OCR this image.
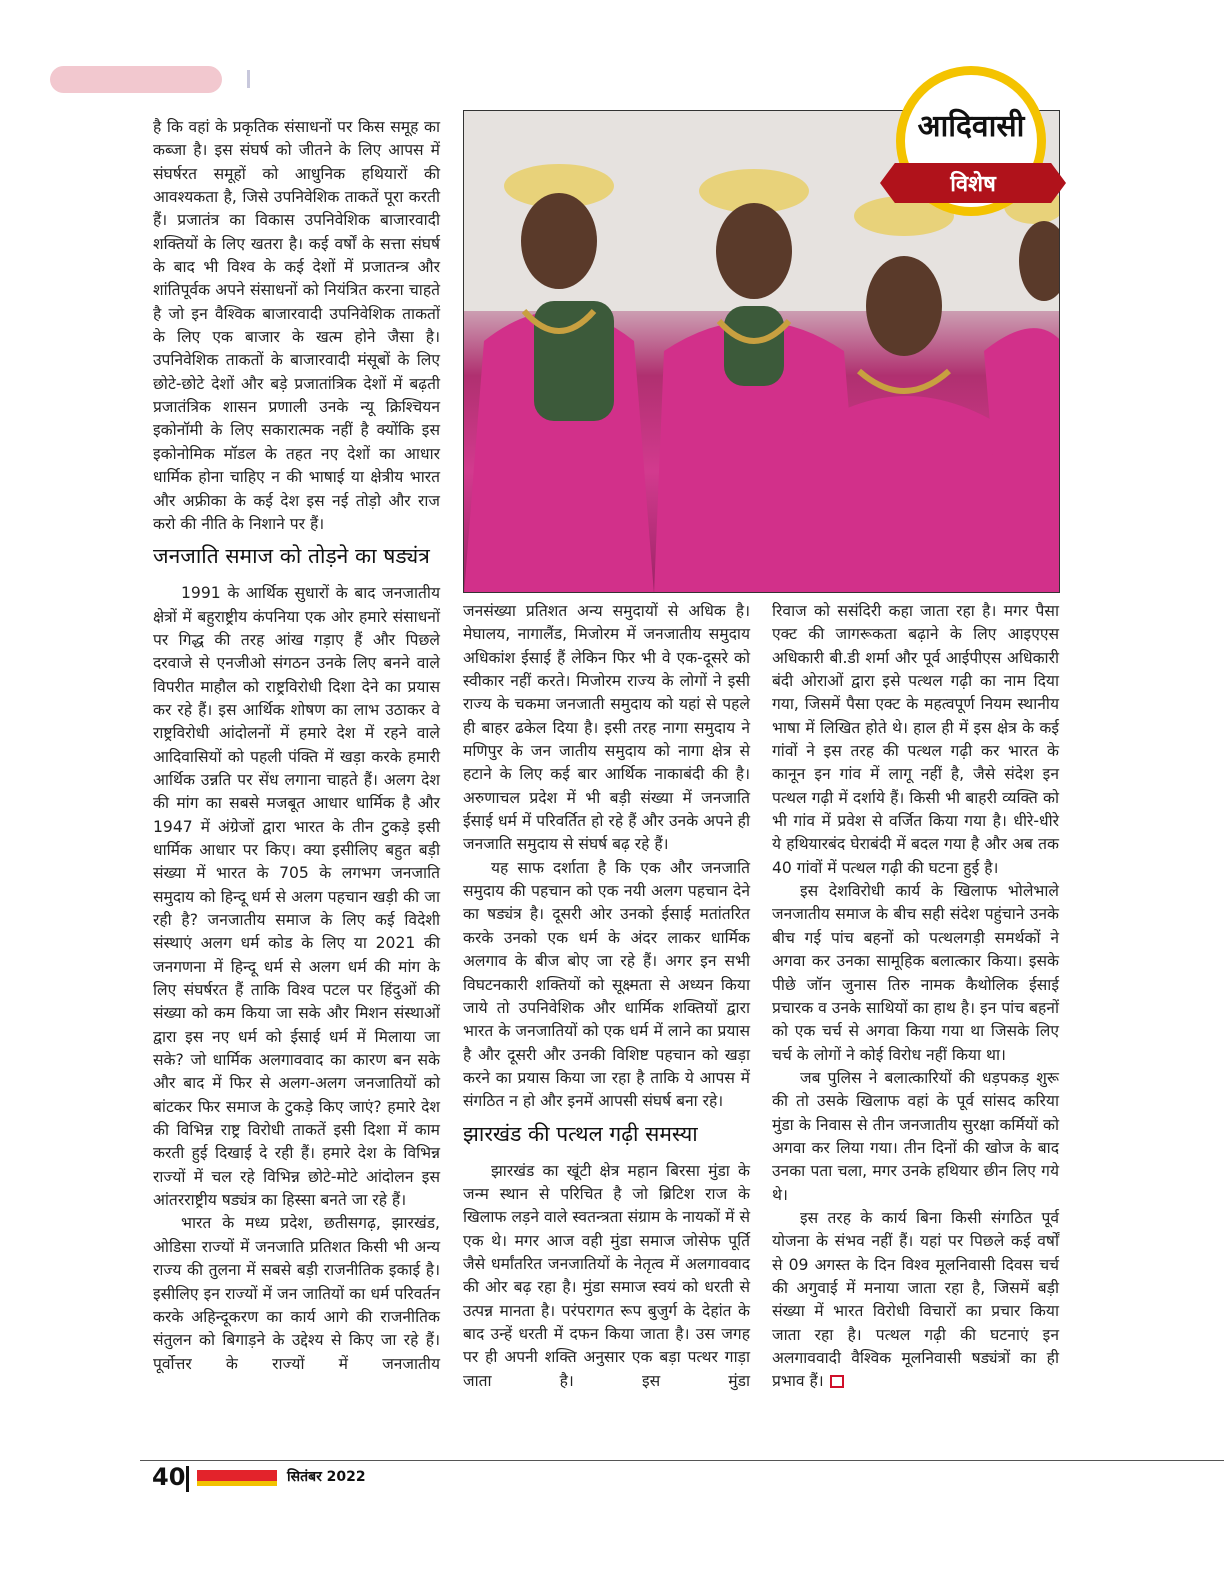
आदिवासी
विशेष

है कि वहां के प्रकृतिक संसाधनों पर किस समूह का कब्जा है। इस संघर्ष को जीतने के लिए आपस में संघर्षरत समूहों को आधुनिक हथियारों की आवश्यकता है, जिसे उपनिवेशिक ताकतें पूरा करती हैं। प्रजातंत्र का विकास उपनिवेशिक बाजारवादी शक्तियों के लिए खतरा है। कई वर्षों के सत्ता संघर्ष के बाद भी विश्व के कई देशों में प्रजातन्त्र और शांतिपूर्वक अपने संसाधनों को नियंत्रित करना चाहते है जो इन वैश्विक बाजारवादी उपनिवेशिक ताकतों के लिए एक बाजार के खत्म होने जैसा है। उपनिवेशिक ताकतों के बाजारवादी मंसूबों के लिए छोटे-छोटे देशों और बड़े प्रजातांत्रिक देशों में बढ़ती प्रजातंत्रिक शासन प्रणाली उनके न्यू क्रिश्चियन इकोनॉमी के लिए सकारात्मक नहीं है क्योंकि इस इकोनोमिक मॉडल के तहत नए देशों का आधार धार्मिक होना चाहिए न की भाषाई या क्षेत्रीय भारत और अफ्रीका के कई देश इस नई तोड़ो और राज करो की नीति के निशाने पर हैं।

जनजाति समाज को तोड़ने का षड्यंत्र

1991 के आर्थिक सुधारों के बाद जनजातीय क्षेत्रों में बहुराष्ट्रीय कंपनिया एक ओर हमारे संसाधनों पर गिद्ध की तरह आंख गड़ाए हैं और पिछले दरवाजे से एनजीओ संगठन उनके लिए बनने वाले विपरीत माहौल को राष्ट्रविरोधी दिशा देने का प्रयास कर रहे हैं। इस आर्थिक शोषण का लाभ उठाकर वे राष्ट्रविरोधी आंदोलनों में हमारे देश में रहने वाले आदिवासियों को पहली पंक्ति में खड़ा करके हमारी आर्थिक उन्नति पर सेंध लगाना चाहते हैं। अलग देश की मांग का सबसे मजबूत आधार धार्मिक है और 1947 में अंग्रेजों द्वारा भारत के तीन टुकड़े इसी धार्मिक आधार पर किए। क्या इसीलिए बहुत बड़ी संख्या में भारत के 705 के लगभग जनजाति समुदाय को हिन्दू धर्म से अलग पहचान खड़ी की जा रही है? जनजातीय समाज के लिए कई विदेशी संस्थाएं अलग धर्म कोड के लिए या 2021 की जनगणना में हिन्दू धर्म से अलग धर्म की मांग के लिए संघर्षरत हैं ताकि विश्व पटल पर हिंदुओं की संख्या को कम किया जा सके और मिशन संस्थाओं द्वारा इस नए धर्म को ईसाई धर्म में मिलाया जा सके? जो धार्मिक अलगाववाद का कारण बन सके और बाद में फिर से अलग-अलग जनजातियों को बांटकर फिर समाज के टुकड़े किए जाएं? हमारे देश की विभिन्न राष्ट्र विरोधी ताकतें इसी दिशा में काम करती हुई दिखाई दे रही हैं। हमारे देश के विभिन्न राज्यों में चल रहे विभिन्न छोटे-मोटे आंदोलन इस आंतरराष्ट्रीय षड्यंत्र का हिस्सा बनते जा रहे हैं।

भारत के मध्य प्रदेश, छतीसगढ़, झारखंड, ओडिसा राज्यों में जनजाति प्रतिशत किसी भी अन्य राज्य की तुलना में सबसे बड़ी राजनीतिक इकाई है। इसीलिए इन राज्यों में जन जातियों का धर्म परिवर्तन करके अहिन्दूकरण का कार्य आगे की राजनीतिक संतुलन को बिगाड़ने के उद्देश्य से किए जा रहे हैं। पूर्वोत्तर के राज्यों में जनजातीय

जनसंख्या प्रतिशत अन्य समुदायों से अधिक है। मेघालय, नागालैंड, मिजोरम में जनजातीय समुदाय अधिकांश ईसाई हैं लेकिन फिर भी वे एक-दूसरे को स्वीकार नहीं करते। मिजोरम राज्य के लोगों ने इसी राज्य के चकमा जनजाती समुदाय को यहां से पहले ही बाहर ढकेल दिया है। इसी तरह नागा समुदाय ने मणिपुर के जन जातीय समुदाय को नागा क्षेत्र से हटाने के लिए कई बार आर्थिक नाकाबंदी की है। अरुणाचल प्रदेश में भी बड़ी संख्या में जनजाति ईसाई धर्म में परिवर्तित हो रहे हैं और उनके अपने ही जनजाति समुदाय से संघर्ष बढ़ रहे हैं।

यह साफ दर्शाता है कि एक और जनजाति समुदाय की पहचान को एक नयी अलग पहचान देने का षड्यंत्र है। दूसरी ओर उनको ईसाई मतांतरित करके उनको एक धर्म के अंदर लाकर धार्मिक अलगाव के बीज बोए जा रहे हैं। अगर इन सभी विघटनकारी शक्तियों को सूक्ष्मता से अध्यन किया जाये तो उपनिवेशिक और धार्मिक शक्तियों द्वारा भारत के जनजातियों को एक धर्म में लाने का प्रयास है और दूसरी और उनकी विशिष्ट पहचान को खड़ा करने का प्रयास किया जा रहा है ताकि ये आपस में संगठित न हो और इनमें आपसी संघर्ष बना रहे।

झारखंड की पत्थल गढ़ी समस्या

झारखंड का खूंटी क्षेत्र महान बिरसा मुंडा के जन्म स्थान से परिचित है जो ब्रिटिश राज के खिलाफ लड़ने वाले स्वतन्त्रता संग्राम के नायकों में से एक थे। मगर आज वही मुंडा समाज जोसेफ पूर्ति जैसे धर्मांतरित जनजातियों के नेतृत्व में अलगाववाद की ओर बढ़ रहा है। मुंडा समाज स्वयं को धरती से उत्पन्न मानता है। परंपरागत रूप बुजुर्ग के देहांत के बाद उन्हें धरती में दफन किया जाता है। उस जगह पर ही अपनी शक्ति अनुसार एक बड़ा पत्थर गाड़ा जाता है। इस मुंडा

रिवाज को ससंदिरी कहा जाता रहा है। मगर पैसा एक्ट की जागरूकता बढ़ाने के लिए आइएएस अधिकारी बी.डी शर्मा और पूर्व आईपीएस अधिकारी बंदी ओराओं द्वारा इसे पत्थल गढ़ी का नाम दिया गया, जिसमें पैसा एक्ट के महत्वपूर्ण नियम स्थानीय भाषा में लिखित होते थे। हाल ही में इस क्षेत्र के कई गांवों ने इस तरह की पत्थल गढ़ी कर भारत के कानून इन गांव में लागू नहीं है, जैसे संदेश इन पत्थल गढ़ी में दर्शाये हैं। किसी भी बाहरी व्यक्ति को भी गांव में प्रवेश से वर्जित किया गया है। धीरे-धीरे ये हथियारबंद घेराबंदी में बदल गया है और अब तक 40 गांवों में पत्थल गढ़ी की घटना हुई है।

इस देशविरोधी कार्य के खिलाफ भोलेभाले जनजातीय समाज के बीच सही संदेश पहुंचाने उनके बीच गई पांच बहनों को पत्थलगड़ी समर्थकों ने अगवा कर उनका सामूहिक बलात्कार किया। इसके पीछे जॉन जुनास तिरु नामक कैथोलिक ईसाई प्रचारक व उनके साथियों का हाथ है। इन पांच बहनों को एक चर्च से अगवा किया गया था जिसके लिए चर्च के लोगों ने कोई विरोध नहीं किया था।

जब पुलिस ने बलात्कारियों की धड़पकड़ शुरू की तो उसके खिलाफ वहां के पूर्व सांसद करिया मुंडा के निवास से तीन जनजातीय सुरक्षा कर्मियों को अगवा कर लिया गया। तीन दिनों की खोज के बाद उनका पता चला, मगर उनके हथियार छीन लिए गये थे।

इस तरह के कार्य बिना किसी संगठित पूर्व योजना के संभव नहीं हैं। यहां पर पिछले कई वर्षों से 09 अगस्त के दिन विश्व मूलनिवासी दिवस चर्च की अगुवाई में मनाया जाता रहा है, जिसमें बड़ी संख्या में भारत विरोधी विचारों का प्रचार किया जाता रहा है। पत्थल गढ़ी की घटनाएं इन अलगाववादी वैश्विक मूलनिवासी षड्यंत्रों का ही प्रभाव हैं।

40	सितंबर 2022
